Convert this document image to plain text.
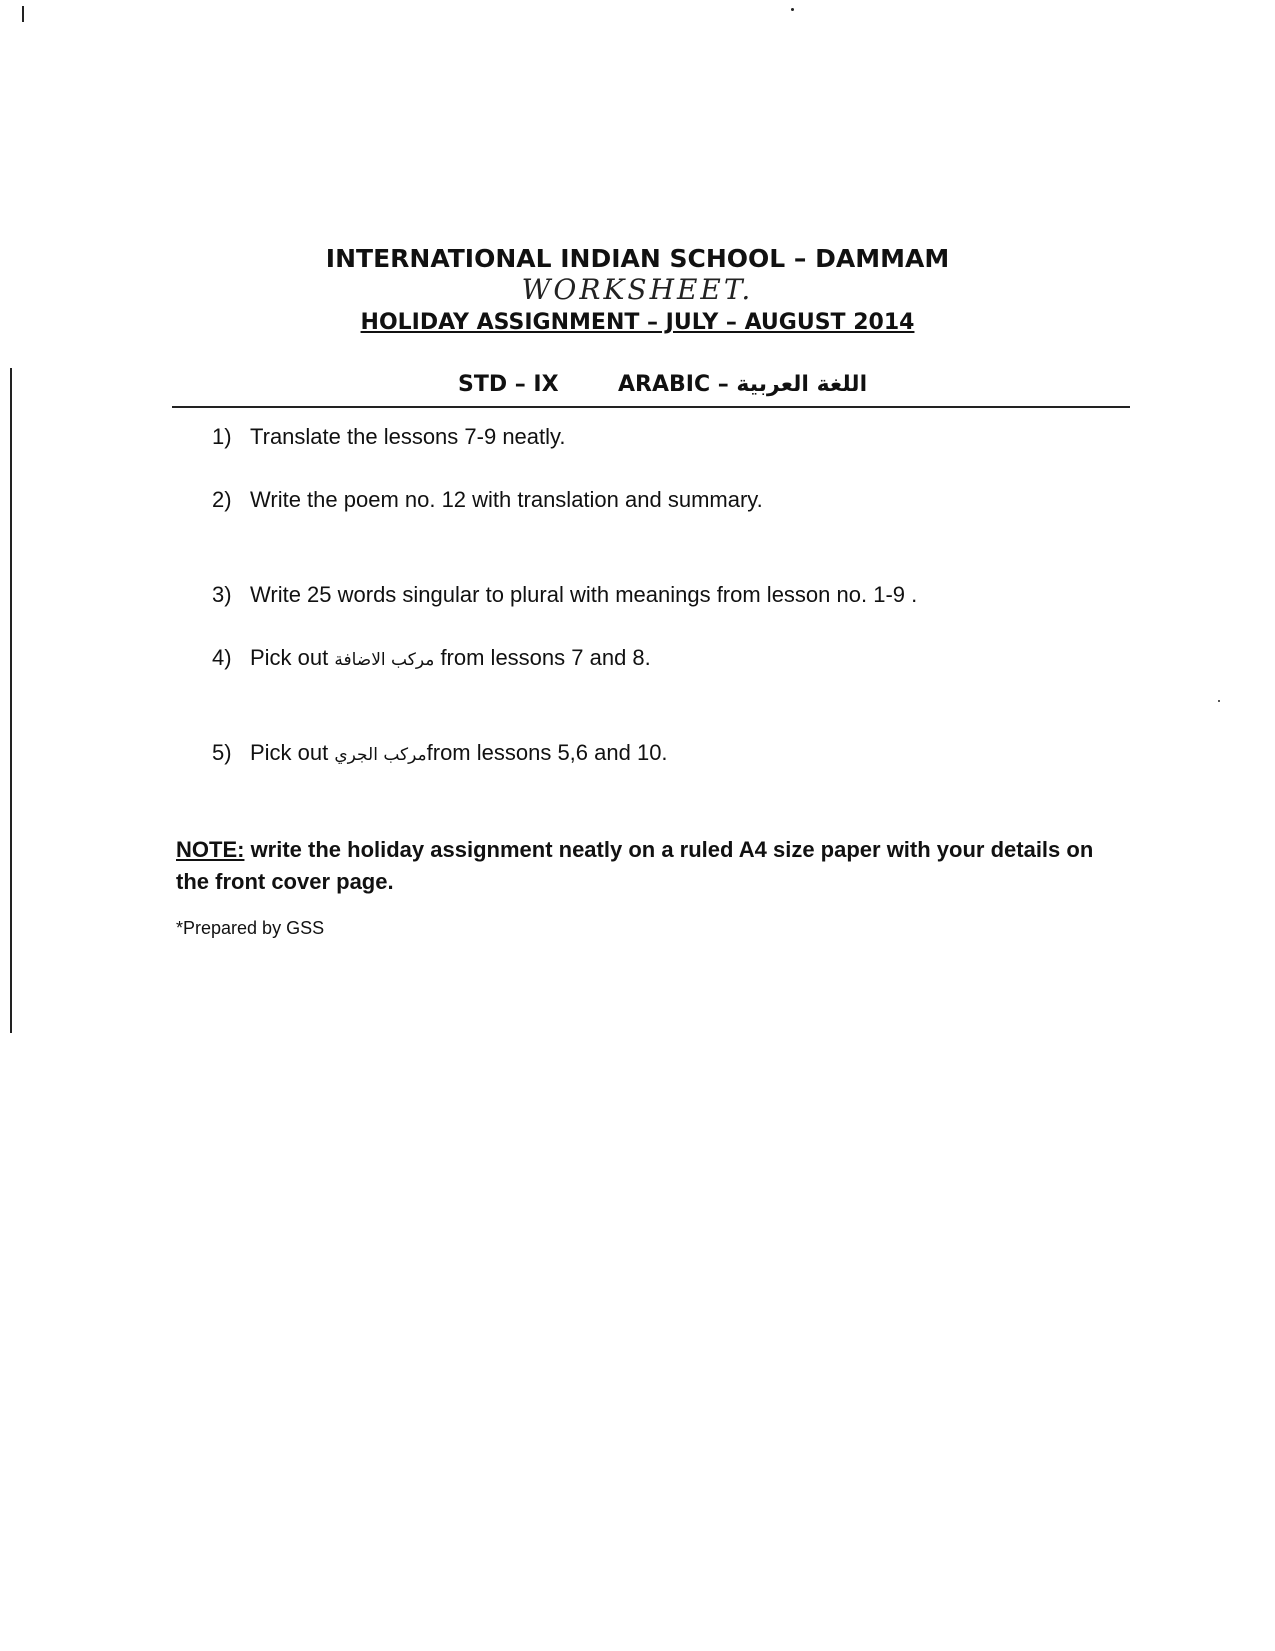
INTERNATIONAL INDIAN SCHOOL – DAMMAM
WORKSHEET.
HOLIDAY ASSIGNMENT – JULY – AUGUST 2014
STD – IX	ARABIC – اللغة العربية
1) Translate the lessons 7-9 neatly.
2) Write the poem no. 12 with translation and summary.
3) Write 25 words singular to plural with meanings from lesson no. 1-9 .
4) Pick out مركب الاضافة from lessons 7 and 8.
5) Pick out مركب الجريfrom lessons 5,6 and 10.
NOTE: write the holiday assignment neatly on a ruled A4 size paper with your details on the front cover page.
*Prepared by GSS
